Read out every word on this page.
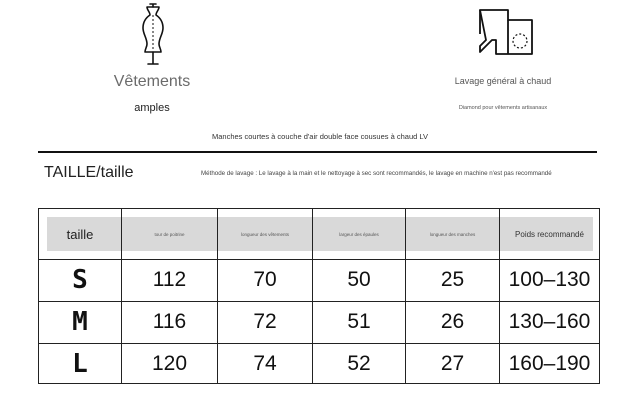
Vêtements
amples
Lavage général à chaud
Diamond pour vêtements artisanaux
Manches courtes à couche d'air double face cousues à chaud LV
TAILLE/taille	Méthode de lavage : Le lavage à la main et le nettoyage à sec sont recommandés, le lavage en machine n'est pas recommandé
taille	tour de poitrine	longueur des vêtements	largeur des épaules	longueur des manches	Poids recommandé
S	112	70	50	25	100–130
M	116	72	51	26	130–160
L	120	74	52	27	160–190
